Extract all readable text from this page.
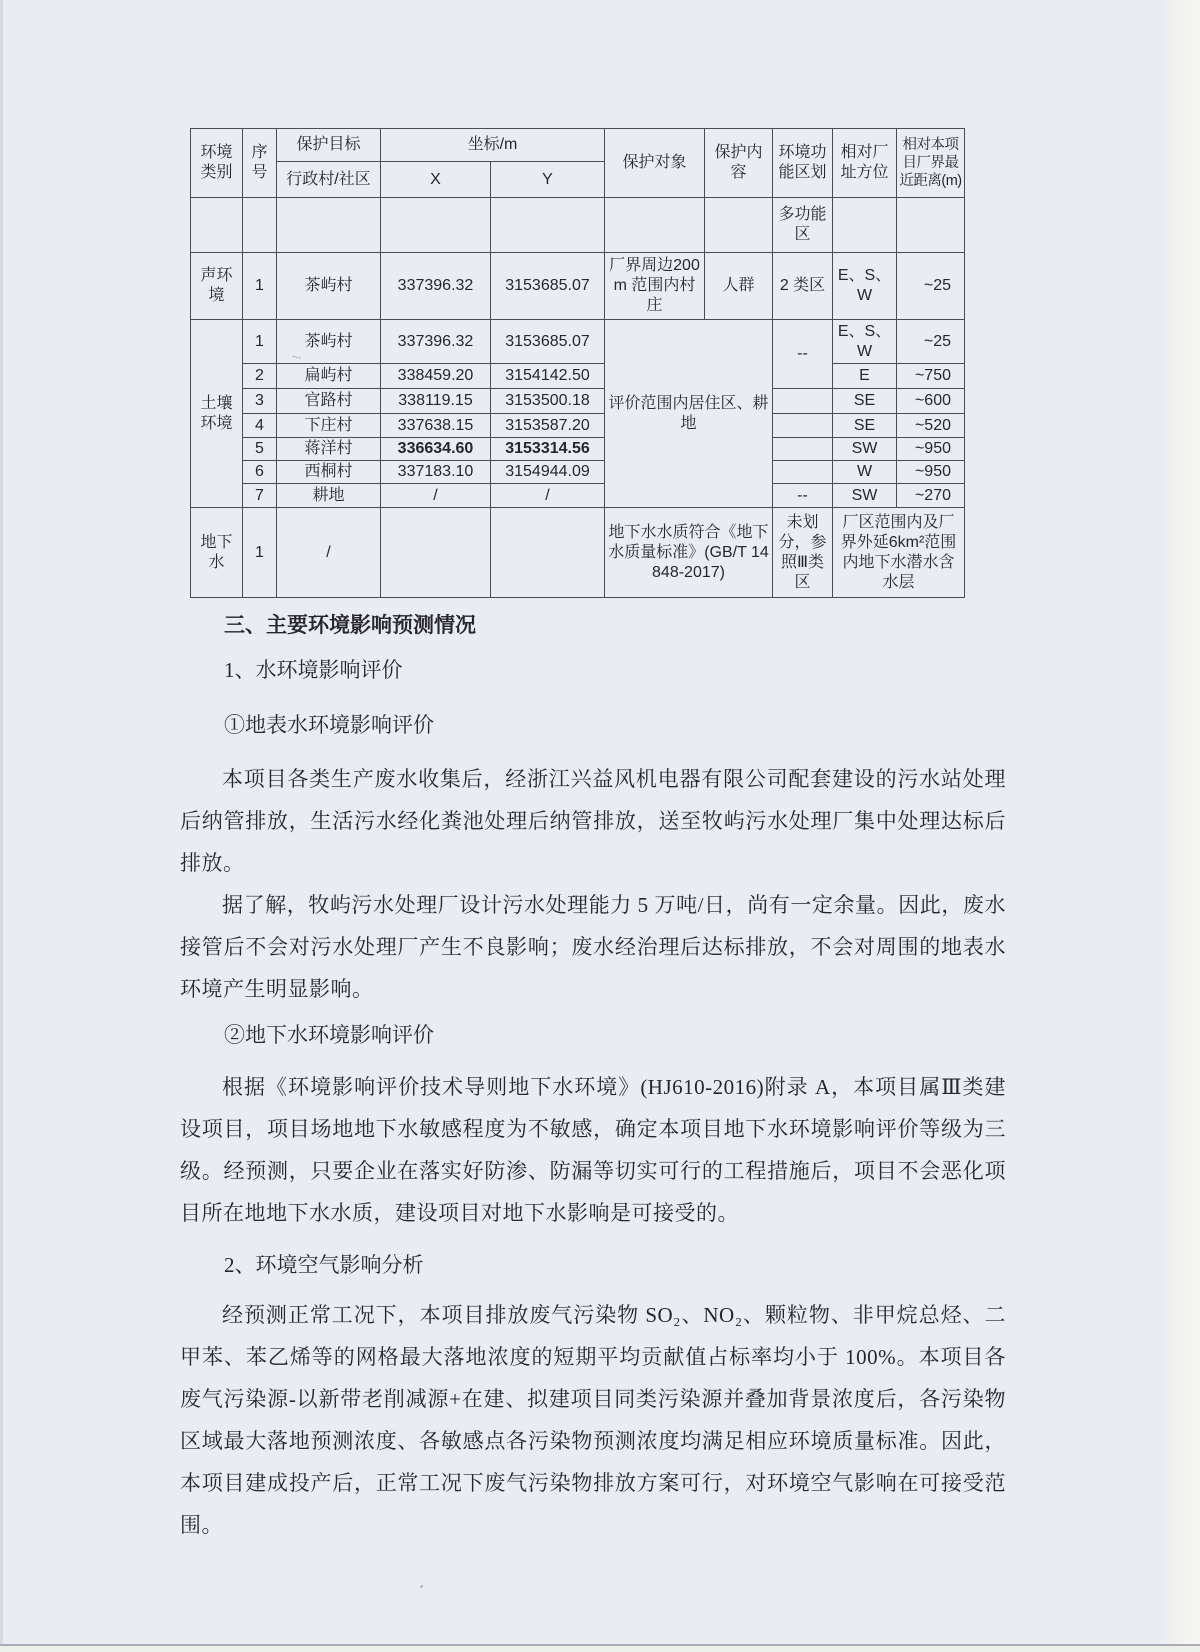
~·
环境类别	序号	保护目标	坐标/m		保护对象	保护内容	环境功能区划	相对厂址方位	相对本项目厂界最近距离(m)
		行政村/社区	X	Y					
							多功能区		
声环境	1	茶屿村	337396.32	3153685.07	厂界周边200m 范围内村庄	人群	2 类区	E、S、W	~25
土壤环境	1	茶屿村	337396.32	3153685.07	评价范围内居住区、耕地		--	E、S、W	~25
	2	扁屿村	338459.20	3154142.50				E	~750
	3	官路村	338119.15	3153500.18				SE	~600
	4	下庄村	337638.15	3153587.20				SE	~520
	5	蒋洋村	336634.60	3153314.56				SW	~950
	6	西桐村	337183.10	3154944.09				W	~950
	7	耕地	/	/			--	SW	~270
地下水	1	/			地下水水质符合《地下水质量标准》(GB/T 14848-2017)		未划分，参照Ⅲ类区	厂区范围内及厂界外延6km²范围内地下水潜水含水层	
三、主要环境影响预测情况
1、水环境影响评价
①地表水环境影响评价

本项目各类生产废水收集后，经浙江兴益风机电器有限公司配套建设的污水站处理后纳管排放，生活污水经化粪池处理后纳管排放，送至牧屿污水处理厂集中处理达标后排放。

据了解，牧屿污水处理厂设计污水处理能力 5 万吨/日，尚有一定余量。因此，废水接管后不会对污水处理厂产生不良影响；废水经治理后达标排放，不会对周围的地表水环境产生明显影响。

②地下水环境影响评价

根据《环境影响评价技术导则地下水环境》(HJ610-2016)附录 A，本项目属Ⅲ类建设项目，项目场地地下水敏感程度为不敏感，确定本项目地下水环境影响评价等级为三级。经预测，只要企业在落实好防渗、防漏等切实可行的工程措施后，项目不会恶化项目所在地地下水水质，建设项目对地下水影响是可接受的。

2、环境空气影响分析

经预测正常工况下，本项目排放废气污染物 SO₂、NO₂、颗粒物、非甲烷总烃、二甲苯、苯乙烯等的网格最大落地浓度的短期平均贡献值占标率均小于 100%。本项目各废气污染源-以新带老削减源+在建、拟建项目同类污染源并叠加背景浓度后，各污染物区域最大落地预测浓度、各敏感点各污染物预测浓度均满足相应环境质量标准。因此，本项目建成投产后，正常工况下废气污染物排放方案可行，对环境空气影响在可接受范围。
